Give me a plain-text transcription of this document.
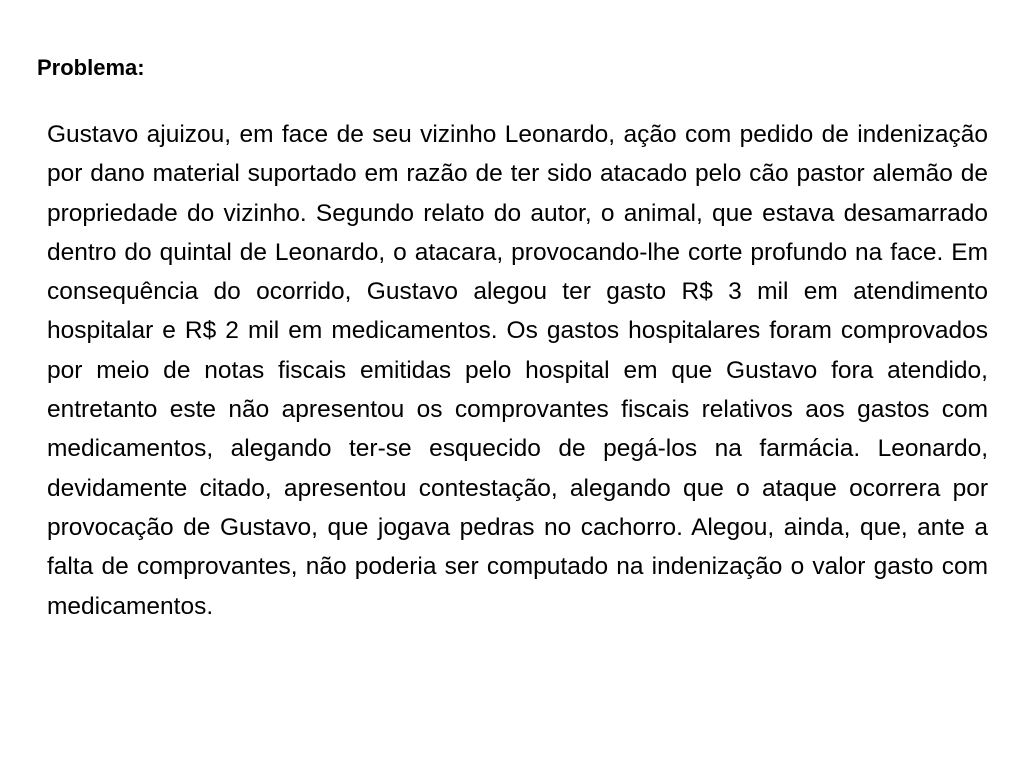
Problema:

Gustavo ajuizou, em face de seu vizinho Leonardo, ação com pedido de indenização por dano material suportado em razão de ter sido atacado pelo cão pastor alemão de propriedade do vizinho. Segundo relato do autor, o animal, que estava desamarrado dentro do quintal de Leonardo, o atacara, provocando-lhe corte profundo na face. Em consequência do ocorrido, Gustavo alegou ter gasto R$ 3 mil em atendimento hospitalar e R$ 2 mil em medicamentos. Os gastos hospitalares foram comprovados por meio de notas fiscais emitidas pelo hospital em que Gustavo fora atendido, entretanto este não apresentou os comprovantes fiscais relativos aos gastos com medicamentos, alegando ter-se esquecido de pegá-los na farmácia. Leonardo, devidamente citado, apresentou contestação, alegando que o ataque ocorrera por provocação de Gustavo, que jogava pedras no cachorro. Alegou, ainda, que, ante a falta de comprovantes, não poderia ser computado na indenização o valor gasto com medicamentos.
